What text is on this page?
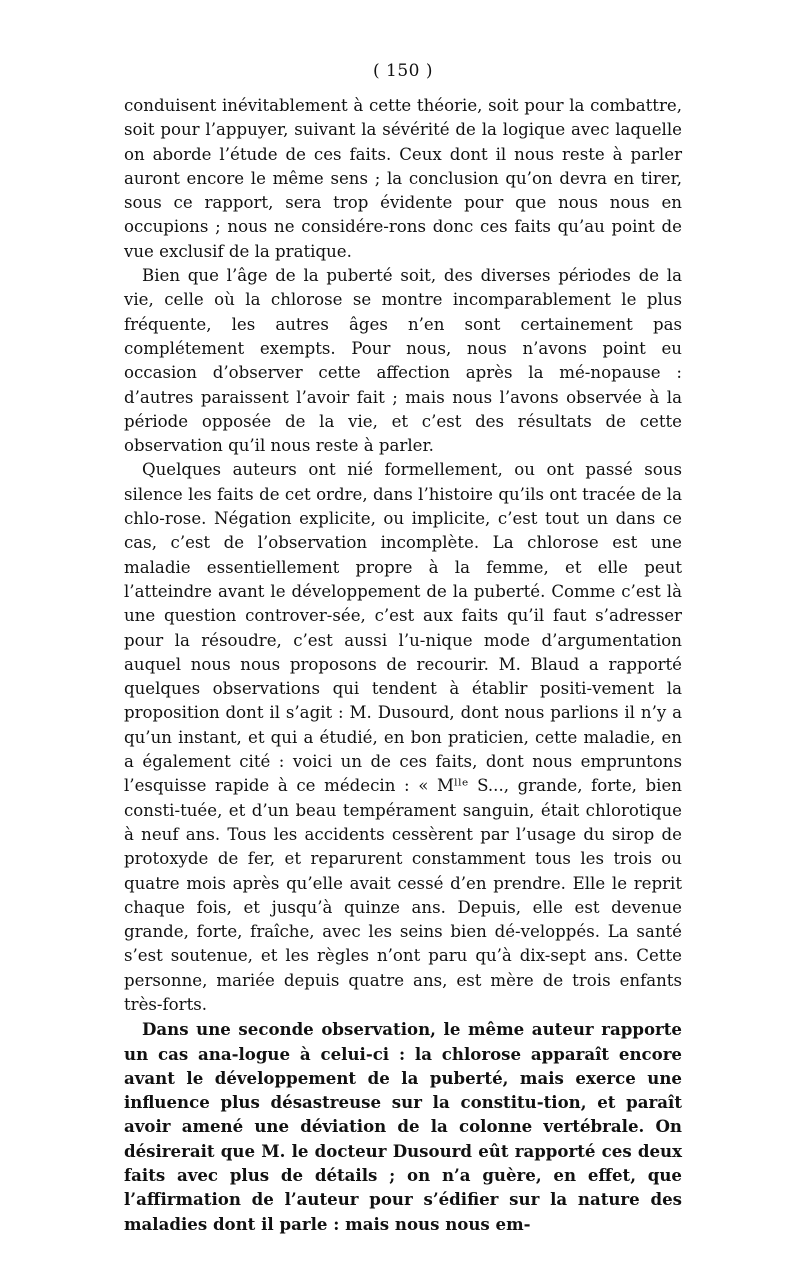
( 150 )

conduisent inévitablement à cette théorie, soit pour la combattre, soit pour l’appuyer, suivant la sévérité de la logique avec laquelle on aborde l’étude de ces faits. Ceux dont il nous reste à parler auront encore le même sens ; la conclusion qu’on devra en tirer, sous ce rapport, sera trop évidente pour que nous nous en occupions ; nous ne considére-rons donc ces faits qu’au point de vue exclusif de la pratique.

Bien que l’âge de la puberté soit, des diverses périodes de la vie, celle où la chlorose se montre incomparablement le plus fréquente, les autres âges n’en sont certainement pas complétement exempts. Pour nous, nous n’avons point eu occasion d’observer cette affection après la mé-nopause : d’autres paraissent l’avoir fait ; mais nous l’avons observée à la période opposée de la vie, et c’est des résultats de cette observation qu’il nous reste à parler.

Quelques auteurs ont nié formellement, ou ont passé sous silence les faits de cet ordre, dans l’histoire qu’ils ont tracée de la chlo-rose. Négation explicite, ou implicite, c’est tout un dans ce cas, c’est de l’observation incomplète. La chlorose est une maladie essentiellement propre à la femme, et elle peut l’atteindre avant le développement de la puberté. Comme c’est là une question controver-sée, c’est aux faits qu’il faut s’adresser pour la résoudre, c’est aussi l’u-nique mode d’argumentation auquel nous nous proposons de recourir. M. Blaud a rapporté quelques observations qui tendent à établir positi-vement la proposition dont il s’agit : M. Dusourd, dont nous parlions il n’y a qu’un instant, et qui a étudié, en bon praticien, cette maladie, en a également cité : voici un de ces faits, dont nous empruntons l’esquisse rapide à ce médecin : « Mˡˡᵉ S..., grande, forte, bien consti-tuée, et d’un beau tempérament sanguin, était chlorotique à neuf ans. Tous les accidents cessèrent par l’usage du sirop de protoxyde de fer, et reparurent constamment tous les trois ou quatre mois après qu’elle avait cessé d’en prendre. Elle le reprit chaque fois, et jusqu’à quinze ans. Depuis, elle est devenue grande, forte, fraîche, avec les seins bien dé-veloppés. La santé s’est soutenue, et les règles n’ont paru qu’à dix-sept ans. Cette personne, mariée depuis quatre ans, est mère de trois enfants très-forts.

Dans une seconde observation, le même auteur rapporte un cas ana-logue à celui-ci : la chlorose apparaît encore avant le développement de la puberté, mais exerce une influence plus désastreuse sur la constitu-tion, et paraît avoir amené une déviation de la colonne vertébrale. On désirerait que M. le docteur Dusourd eût rapporté ces deux faits avec plus de détails ; on n’a guère, en effet, que l’affirmation de l’auteur pour s’édifier sur la nature des maladies dont il parle : mais nous nous em-
